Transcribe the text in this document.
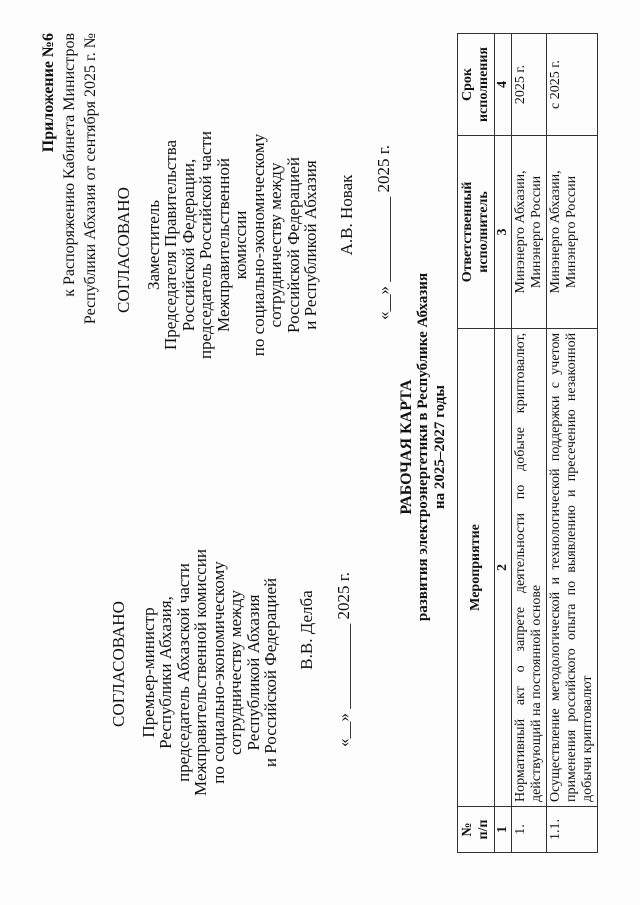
Приложение №6 к Распоряжению Кабинета Министров Республики Абхазия от сентября 2025 г. №
СОГЛАСОВАНО Премьер-министр
Республики Абхазия,
председатель Абхазской части
Межправительственной комиссии
по социально-экономическому
сотрудничеству между
Республикой Абхазия
и Российской Федерацией В.В. Делба «__» __________ 2025 г.
СОГЛАСОВАНО Заместитель
Председателя Правительства
Российской Федерации,
председатель Российской части
Межправительственной комиссии
по социально-экономическому
сотрудничеству между
Российской Федерацией
и Республикой Абхазия А.В. Новак «__» __________ 2025 г.
РАБОЧАЯ КАРТА развития электроэнергетики в Республике Абхазия на 2025–2027 годы
№ п/п	Мероприятие	Ответственный исполнитель	Срок исполнения
1	2	3	4
1.	Нормативный акт о запрете деятельности по добыче криптовалют, действующий на постоянной основе	Минэнерго Абхазии, Минэнерго России	2025 г.
1.1.	Осуществление методологической и технологической поддержки с учетом применения российского опыта по выявлению и пресечению незаконной добычи криптовалют	Минэнерго Абхазии, Минэнерго России	с 2025 г.
